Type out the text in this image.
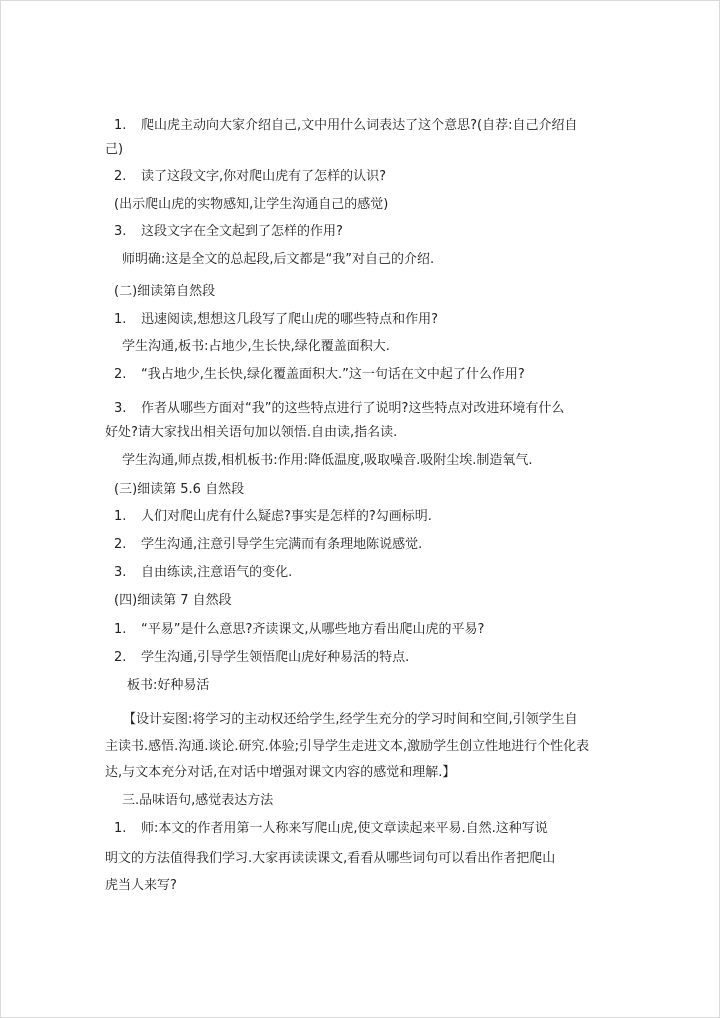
1. 爬山虎主动向大家介绍自己,文中用什么词表达了这个意思?(自荐:自己介绍自
己)
2. 读了这段文字,你对爬山虎有了怎样的认识?
(出示爬山虎的实物感知,让学生沟通自己的感觉)
3. 这段文字在全文起到了怎样的作用?
师明确:这是全文的总起段,后文都是“我”对自己的介绍.
(二)细读第自然段
1. 迅速阅读,想想这几段写了爬山虎的哪些特点和作用?
学生沟通,板书:占地少,生长快,绿化覆盖面积大.
2. “我占地少,生长快,绿化覆盖面积大.”这一句话在文中起了什么作用?
3. 作者从哪些方面对“我”的这些特点进行了说明?这些特点对改进环境有什么
好处?请大家找出相关语句加以领悟.自由读,指名读.
学生沟通,师点拨,相机板书:作用:降低温度,吸取噪音.吸附尘埃.制造氧气.
(三)细读第 5.6 自然段
1. 人们对爬山虎有什么疑虑?事实是怎样的?勾画标明.
2. 学生沟通,注意引导学生完满而有条理地陈说感觉.
3. 自由练读,注意语气的变化.
(四)细读第 7 自然段
1. “平易”是什么意思?齐读课文,从哪些地方看出爬山虎的平易?
2. 学生沟通,引导学生领悟爬山虎好种易活的特点.
板书:好种易活
【设计妄图:将学习的主动权还给学生,经学生充分的学习时间和空间,引领学生自
主读书.感悟.沟通.谈论.研究.体验;引导学生走进文本,激励学生创立性地进行个性化表
达,与文本充分对话,在对话中增强对课文内容的感觉和理解.】
三.品味语句,感觉表达方法
1. 师:本文的作者用第一人称来写爬山虎,使文章读起来平易.自然.这种写说
明文的方法值得我们学习.大家再读读课文,看看从哪些词句可以看出作者把爬山
虎当人来写?
